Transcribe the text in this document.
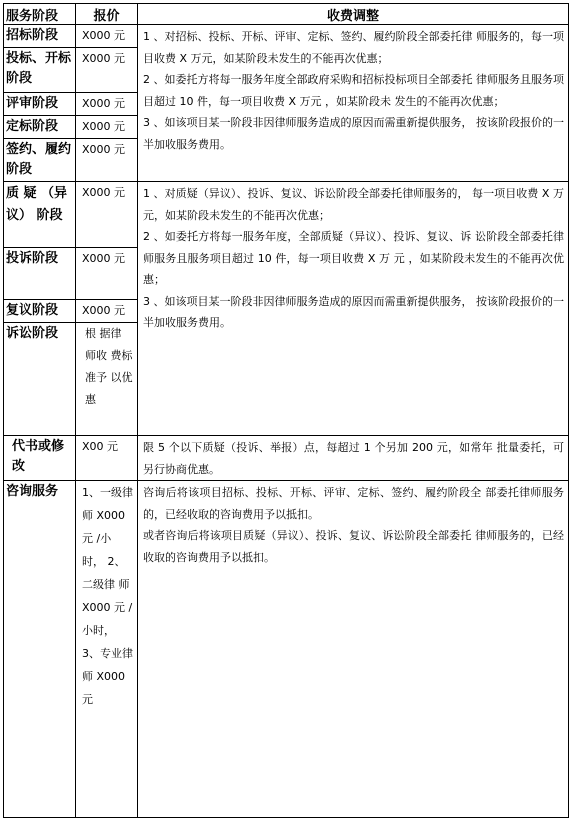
服务阶段	报价	收费调整
招标阶段	X000 元	1 、对招标、投标、开标、评审、定标、签约、履约阶段全部委托律 师服务的，每一项目收费 X 万元，如某阶段未发生的不能再次优惠；

2 、如委托方将每一服务年度全部政府采购和招标投标项目全部委托 律师服务且服务项目超过 10 件，每一项目收费 X 万元 ，如某阶段未 发生的不能再次优惠；

3 、如该项目某一阶段非因律师服务造成的原因而需重新提供服务， 按该阶段报价的一半加收服务费用。

投标、开标阶段	X000 元	
评审阶段	X000 元	
定标阶段	X000 元	
签约、履约阶段	X000 元	
质 疑 （异 议） 阶段	X000 元	1 、对质疑（异议）、投诉、复议、诉讼阶段全部委托律师服务的， 每一项目收费 X 万元，如某阶段未发生的不能再次优惠；

2 、如委托方将每一服务年度，全部质疑（异议）、投诉、复议、诉 讼阶段全部委托律师服务且服务项目超过 10 件，每一项目收费 X 万 元 ，如某阶段未发生的不能再次优惠；

3 、如该项目某一阶段非因律师服务造成的原因而需重新提供服务， 按该阶段报价的一半加收服务费用。

投诉阶段	X000 元	
复议阶段	X000 元	
诉讼阶段	根 据律 师收 费标 准予 以优惠	
代书或修改	X00 元	限 5 个以下质疑（投诉、举报）点，每超过 1 个另加 200 元，如常年 批量委托，可另行协商优惠。
咨询服务	1、一级律 师 X000 元 /小时， 2、二级律 师 X000 元 /小时， 3、专业律 师 X000 元	咨询后将该项目招标、投标、开标、评审、定标、签约、履约阶段全 部委托律师服务的，已经收取的咨询费用予以抵扣。

或者咨询后将该项目质疑（异议）、投诉、复议、诉讼阶段全部委托 律师服务的，已经收取的咨询费用予以抵扣。
